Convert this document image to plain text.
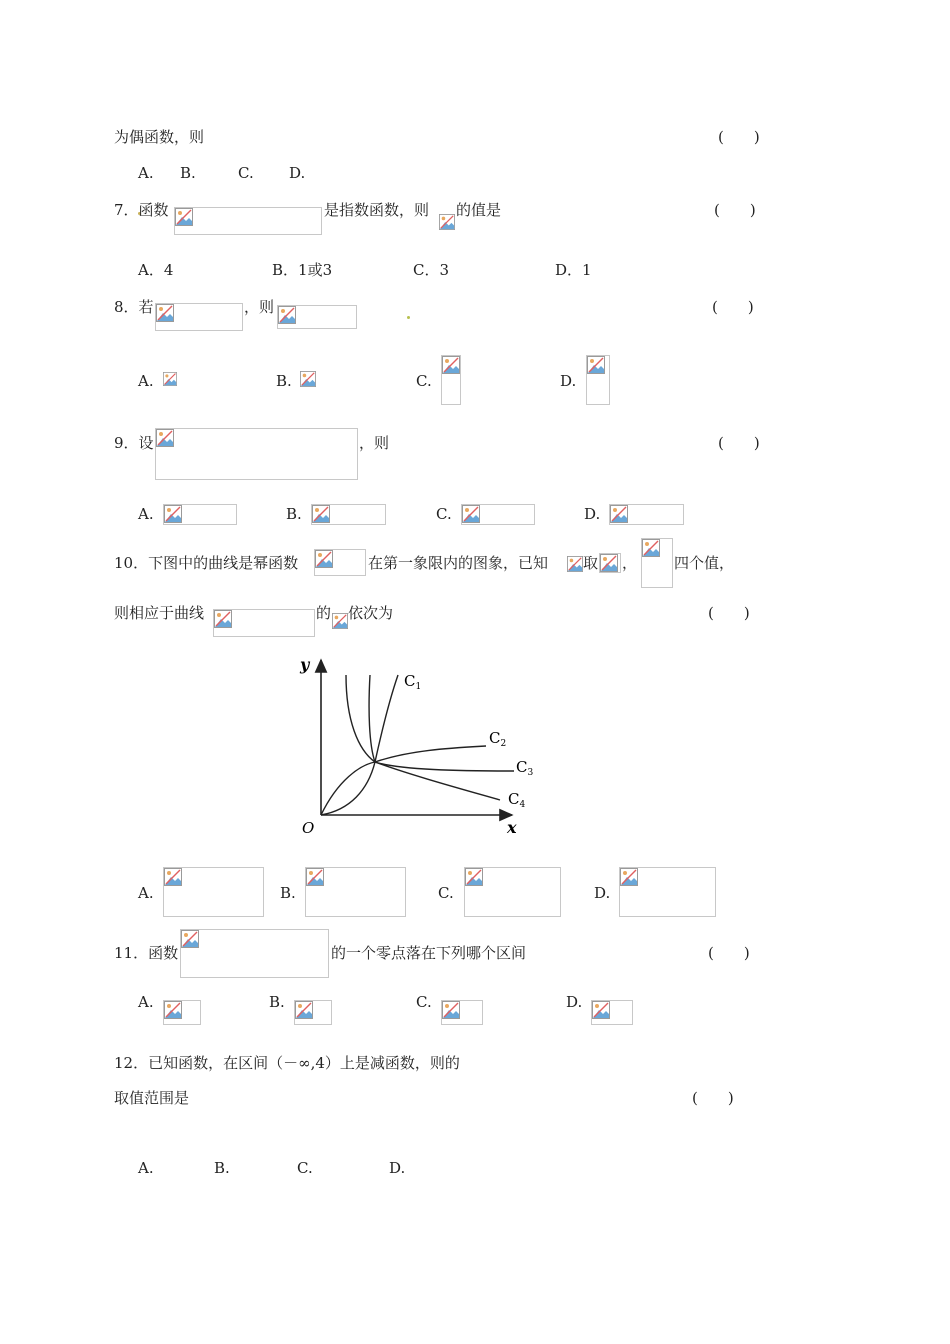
为偶函数，则	(　　)
A. B.	C. D.
7．函数	是指数函数，则 的值是	(　　)
A．4	B．1或3	C．3	D．1
8．若	，则	(　　)
A.	B.	C.	D.
9．设	，则	(　　)
A.	B.	C.	D.
10．下图中的曲线是幂函数	在第一象限内的图象，已知 取 ， 四个值，
则相应于曲线	的 依次为	(　　)
y
x
O
$C_1$
$C_2$
$C_3$
$C_4$
A.	B.	C.	D.
11．函数	的一个零点落在下列哪个区间	(　　)
A.	B.	C.	D.
12．已知函数，在区间（－∞,4）上是减函数，则的
取值范围是	(　　)
A.	B.	C.	D.
